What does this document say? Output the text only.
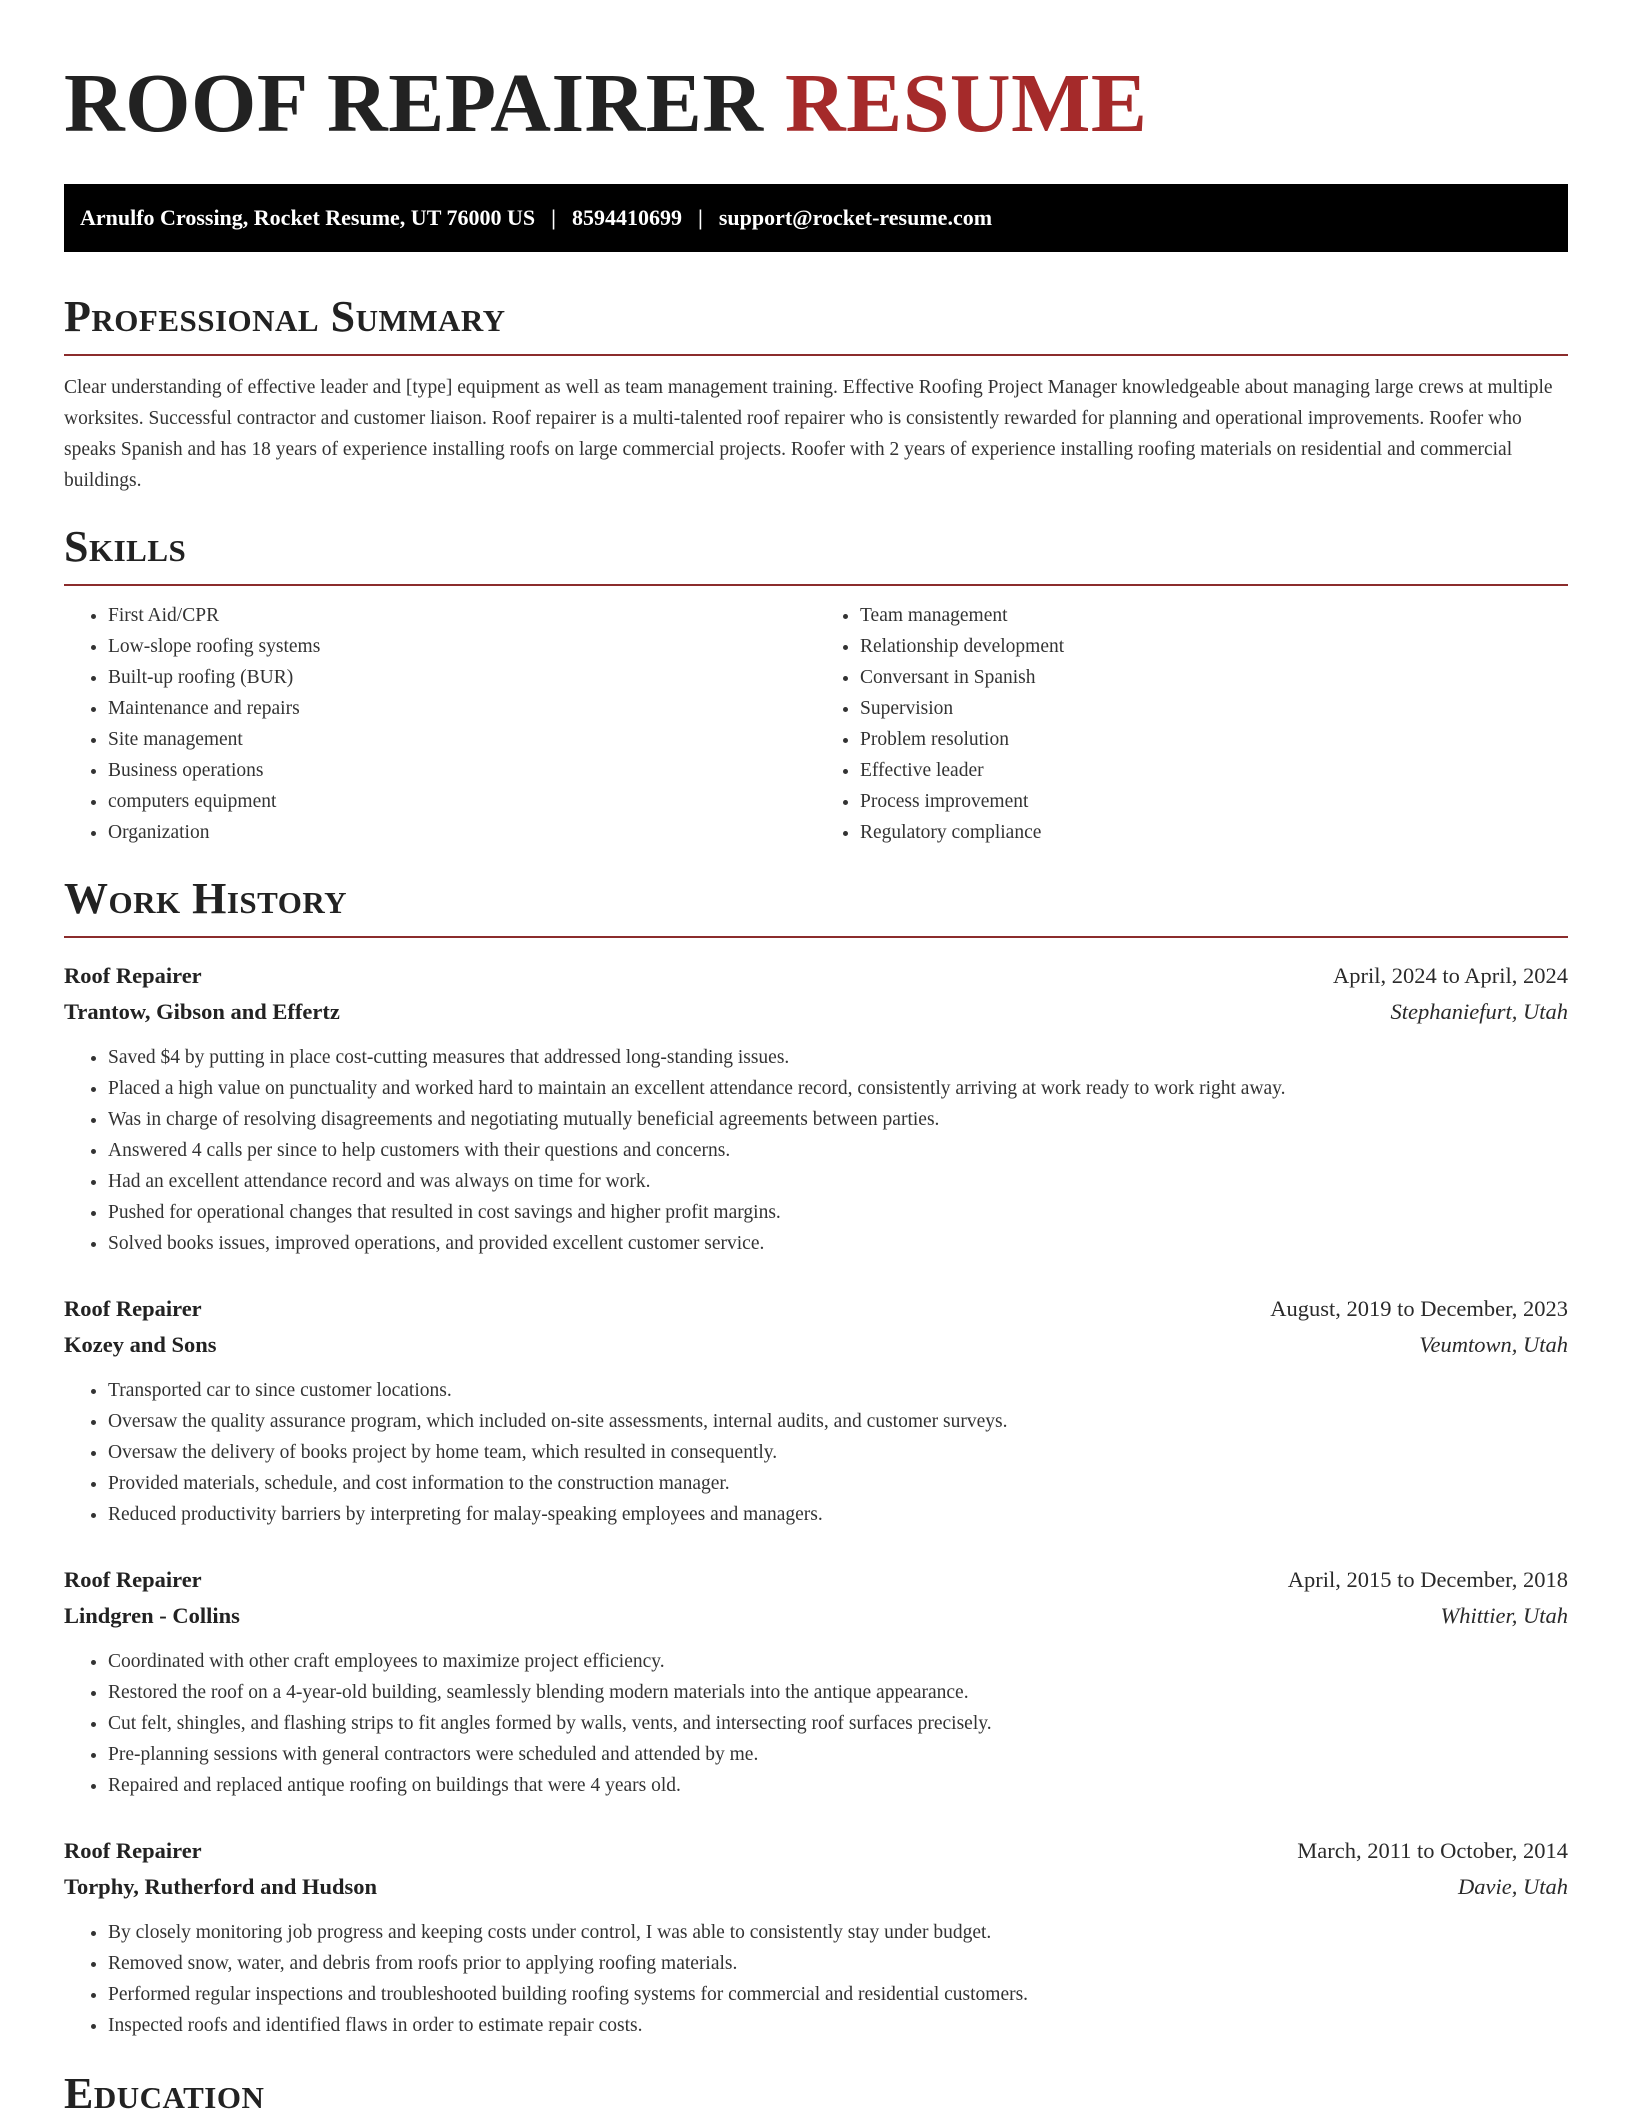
ROOF REPAIRER RESUME
Arnulfo Crossing, Rocket Resume, UT 76000 US | 8594410699 | support@rocket-resume.com
Professional Summary

Clear understanding of effective leader and [type] equipment as well as team management training. Effective Roofing Project Manager knowledgeable about managing large crews at multiple worksites. Successful contractor and customer liaison. Roof repairer is a multi-talented roof repairer who is consistently rewarded for planning and operational improvements. Roofer who speaks Spanish and has 18 years of experience installing roofs on large commercial projects. Roofer with 2 years of experience installing roofing materials on residential and commercial buildings.

Skills
• First Aid/CPR
• Low-slope roofing systems
• Built-up roofing (BUR)
• Maintenance and repairs
• Site management
• Business operations
• computers equipment
• Organization
• Team management
• Relationship development
• Conversant in Spanish
• Supervision
• Problem resolution
• Effective leader
• Process improvement
• Regulatory compliance
Work History
Roof Repairer	April, 2024 to April, 2024
Trantow, Gibson and Effertz	Stephaniefurt, Utah
• Saved $4 by putting in place cost-cutting measures that addressed long-standing issues.
• Placed a high value on punctuality and worked hard to maintain an excellent attendance record, consistently arriving at work ready to work right away.
• Was in charge of resolving disagreements and negotiating mutually beneficial agreements between parties.
• Answered 4 calls per since to help customers with their questions and concerns.
• Had an excellent attendance record and was always on time for work.
• Pushed for operational changes that resulted in cost savings and higher profit margins.
• Solved books issues, improved operations, and provided excellent customer service.
Roof Repairer	August, 2019 to December, 2023
Kozey and Sons	Veumtown, Utah
• Transported car to since customer locations.
• Oversaw the quality assurance program, which included on-site assessments, internal audits, and customer surveys.
• Oversaw the delivery of books project by home team, which resulted in consequently.
• Provided materials, schedule, and cost information to the construction manager.
• Reduced productivity barriers by interpreting for malay-speaking employees and managers.
Roof Repairer	April, 2015 to December, 2018
Lindgren - Collins	Whittier, Utah
• Coordinated with other craft employees to maximize project efficiency.
• Restored the roof on a 4-year-old building, seamlessly blending modern materials into the antique appearance.
• Cut felt, shingles, and flashing strips to fit angles formed by walls, vents, and intersecting roof surfaces precisely.
• Pre-planning sessions with general contractors were scheduled and attended by me.
• Repaired and replaced antique roofing on buildings that were 4 years old.
Roof Repairer	March, 2011 to October, 2014
Torphy, Rutherford and Hudson	Davie, Utah
• By closely monitoring job progress and keeping costs under control, I was able to consistently stay under budget.
• Removed snow, water, and debris from roofs prior to applying roofing materials.
• Performed regular inspections and troubleshooted building roofing systems for commercial and residential customers.
• Inspected roofs and identified flaws in order to estimate repair costs.
Education
